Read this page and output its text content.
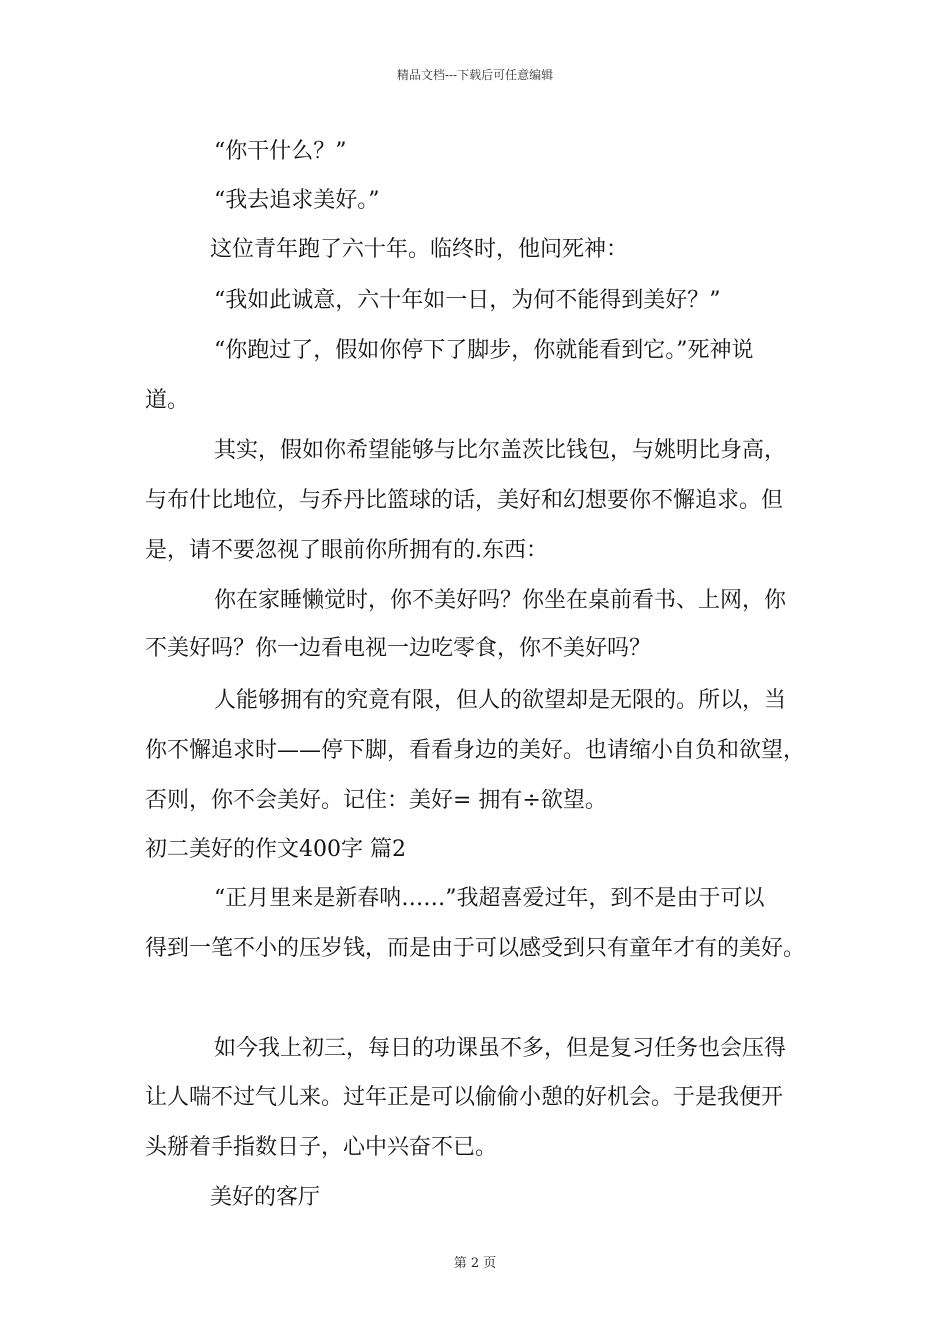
精品文档---下载后可任意编辑
“你干什么？”
“我去追求美好。”
这位青年跑了六十年。临终时，他问死神：
“我如此诚意，六十年如一日，为何不能得到美好？”
“你跑过了，假如你停下了脚步，你就能看到它。”死神说
道。
其实，假如你希望能够与比尔盖茨比钱包，与姚明比身高，
与布什比地位，与乔丹比篮球的话，美好和幻想要你不懈追求。但
是，请不要忽视了眼前你所拥有的.东西：
你在家睡懒觉时，你不美好吗？你坐在桌前看书、上网，你
不美好吗？你一边看电视一边吃零食，你不美好吗？
人能够拥有的究竟有限，但人的欲望却是无限的。所以，当
你不懈追求时——停下脚，看看身边的美好。也请缩小自负和欲望，
否则，你不会美好。记住：美好= 拥有÷欲望。
初二美好的作文400字 篇2
“正月里来是新春呐……”我超喜爱过年，到不是由于可以
得到一笔不小的压岁钱，而是由于可以感受到只有童年才有的美好。
如今我上初三，每日的功课虽不多，但是复习任务也会压得
让人喘不过气儿来。过年正是可以偷偷小憩的好机会。于是我便开
头掰着手指数日子，心中兴奋不已。
美好的客厅
第 2 页
